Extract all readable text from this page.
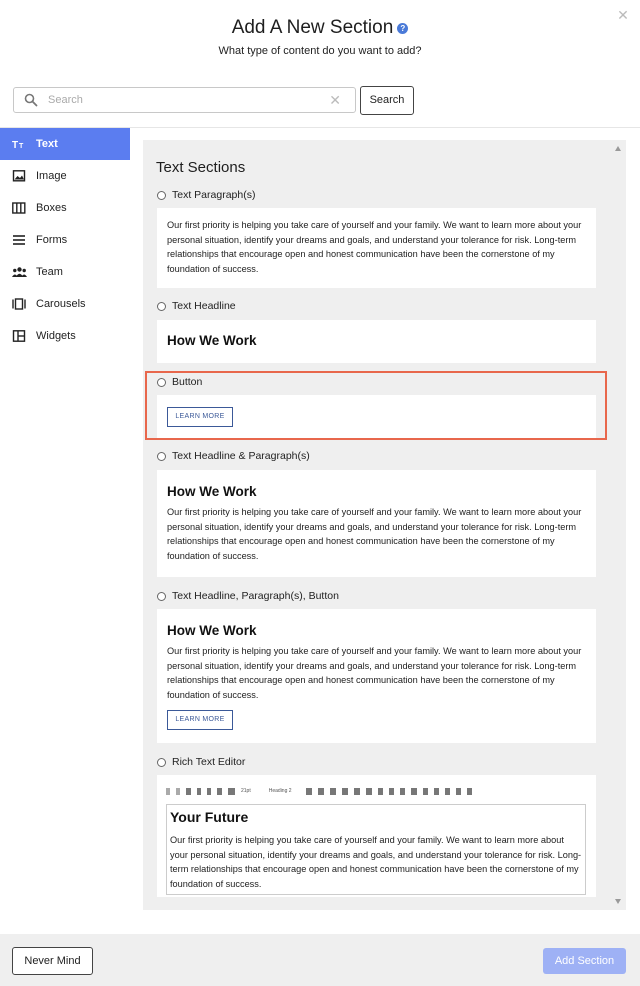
Add A New Section ?
What type of content do you want to add?
✕
Search
✕	Search
T T Text
Image
Boxes
Forms
Team
Carousels
Widgets
Text Sections
Text Paragraph(s)

Our first priority is helping you take care of yourself and your family. We want to learn more about your personal situation, identify your dreams and goals, and understand your tolerance for risk. Long-term relationships that encourage open and honest communication have been the cornerstone of my foundation of success.

Text Headline
How We Work
Button
LEARN MORE
Text Headline & Paragraph(s)
How We Work

Our first priority is helping you take care of yourself and your family. We want to learn more about your personal situation, identify your dreams and goals, and understand your tolerance for risk. Long-term relationships that encourage open and honest communication have been the cornerstone of my foundation of success.

Text Headline, Paragraph(s), Button
How We Work

Our first priority is helping you take care of yourself and your family. We want to learn more about your personal situation, identify your dreams and goals, and understand your tolerance for risk. Long-term relationships that encourage open and honest communication have been the cornerstone of my foundation of success.

LEARN MORE
Rich Text Editor
21pt	Heading 2
Your Future

Our first priority is helping you take care of yourself and your family. We want to learn more about your personal situation, identify your dreams and goals, and understand your tolerance for risk. Long-term relationships that encourage open and honest communication have been the cornerstone of my foundation of success.

Never Mind	Add Section
